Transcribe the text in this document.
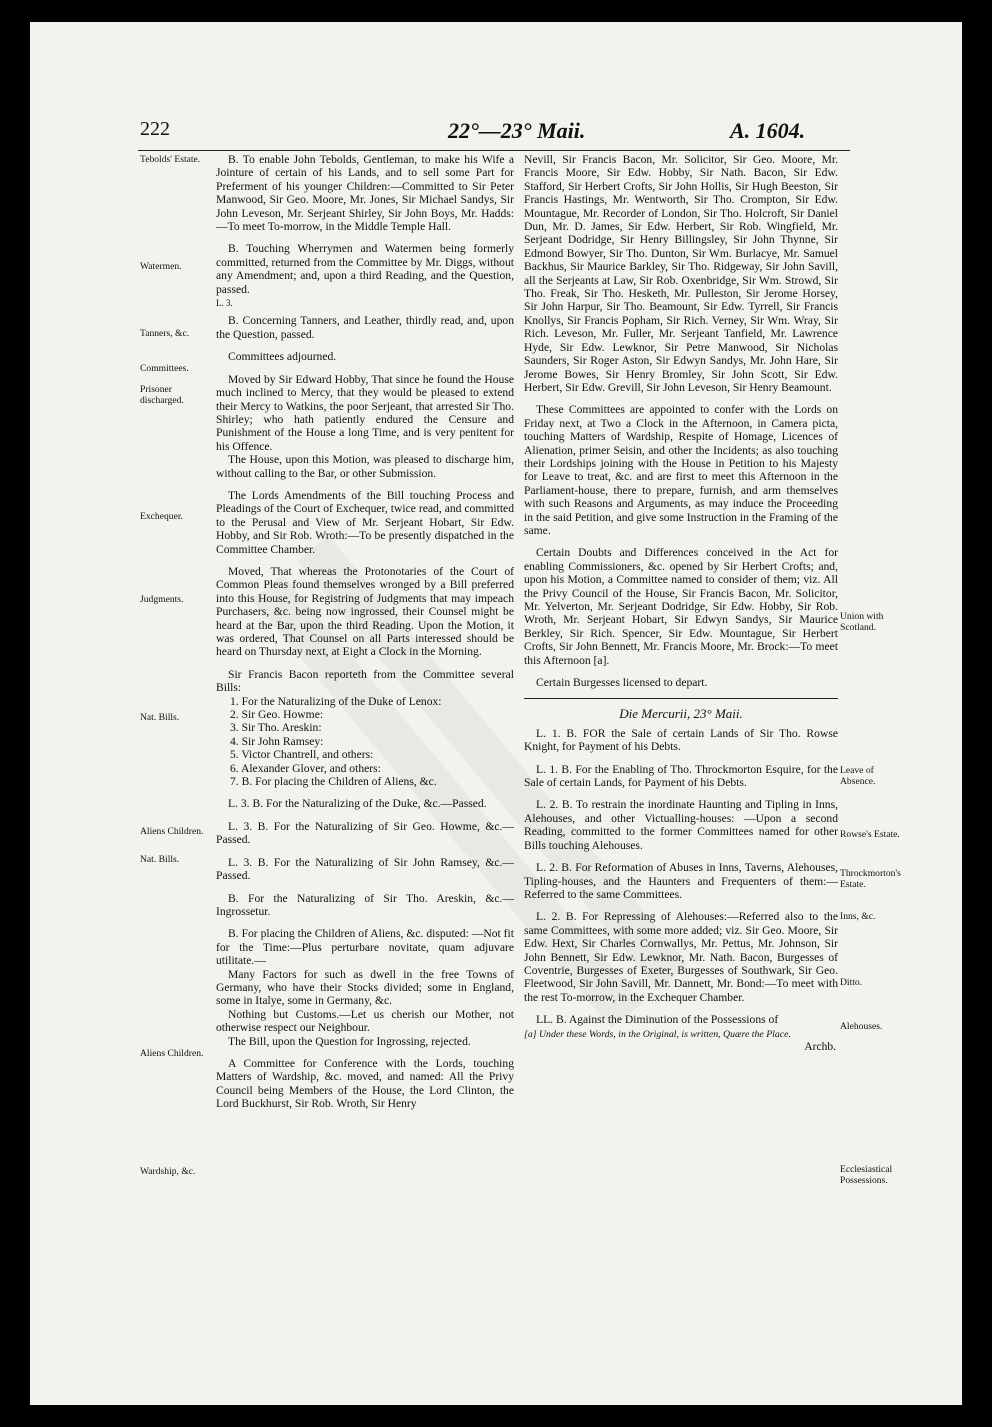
222	22°—23° Maii.	A. 1604.
Tebolds' Estate.
Watermen.
Tanners, &c.
Committees.
Prisoner discharged.
Exchequer.
Judgments.
Nat. Bills.
Aliens Children.
Nat. Bills.
Aliens Children.
Wardship, &c.
Union with Scotland.
Leave of Absence.
Rowse's Estate.
Throckmorton's Estate.
Inns, &c.
Ditto.
Alehouses.
Ecclesiastical Possessions.

B. To enable John Tebolds, Gentleman, to make his Wife a Jointure of certain of his Lands, and to sell some Part for Preferment of his younger Children:—Committed to Sir Peter Manwood, Sir Geo. Moore, Mr. Jones, Sir Michael Sandys, Sir John Leveson, Mr. Serjeant Shirley, Sir John Boys, Mr. Hadds:—To meet To-morrow, in the Middle Temple Hall.

B. Touching Wherrymen and Watermen being formerly committed, returned from the Committee by Mr. Diggs, without any Amendment; and, upon a third Reading, and the Question, passed.

L. 3.

B. Concerning Tanners, and Leather, thirdly read, and, upon the Question, passed.

Committees adjourned.

Moved by Sir Edward Hobby, That since he found the House much inclined to Mercy, that they would be pleased to extend their Mercy to Watkins, the poor Serjeant, that arrested Sir Tho. Shirley; who hath patiently endured the Censure and Punishment of the House a long Time, and is very penitent for his Offence.

The House, upon this Motion, was pleased to discharge him, without calling to the Bar, or other Submission.

The Lords Amendments of the Bill touching Process and Pleadings of the Court of Exchequer, twice read, and committed to the Perusal and View of Mr. Serjeant Hobart, Sir Edw. Hobby, and Sir Rob. Wroth:—To be presently dispatched in the Committee Chamber.

Moved, That whereas the Protonotaries of the Court of Common Pleas found themselves wronged by a Bill preferred into this House, for Registring of Judgments that may impeach Purchasers, &c. being now ingrossed, their Counsel might be heard at the Bar, upon the third Reading. Upon the Motion, it was ordered, That Counsel on all Parts interessed should be heard on Thursday next, at Eight a Clock in the Morning.

Sir Francis Bacon reporteth from the Committee several Bills:

1. For the Naturalizing of the Duke of Lenox:
2. Sir Geo. Howme:
3. Sir Tho. Areskin:
4. Sir John Ramsey:
5. Victor Chantrell, and others:
6. Alexander Glover, and others:
7. B. For placing the Children of Aliens, &c.

L. 3. B. For the Naturalizing of the Duke, &c.—Passed.

L. 3. B. For the Naturalizing of Sir Geo. Howme, &c.—Passed.

L. 3. B. For the Naturalizing of Sir John Ramsey, &c.—Passed.

B. For the Naturalizing of Sir Tho. Areskin, &c.—Ingrossetur.

B. For placing the Children of Aliens, &c. disputed: —Not fit for the Time:—Plus perturbare novitate, quam adjuvare utilitate.—

Many Factors for such as dwell in the free Towns of Germany, who have their Stocks divided; some in England, some in Italye, some in Germany, &c.

Nothing but Customs.—Let us cherish our Mother, not otherwise respect our Neighbour.

The Bill, upon the Question for Ingrossing, rejected.

A Committee for Conference with the Lords, touching Matters of Wardship, &c. moved, and named: All the Privy Council being Members of the House, the Lord Clinton, the Lord Buckhurst, Sir Rob. Wroth, Sir Henry

Nevill, Sir Francis Bacon, Mr. Solicitor, Sir Geo. Moore, Mr. Francis Moore, Sir Edw. Hobby, Sir Nath. Bacon, Sir Edw. Stafford, Sir Herbert Crofts, Sir John Hollis, Sir Hugh Beeston, Sir Francis Hastings, Mr. Wentworth, Sir Tho. Crompton, Sir Edw. Mountague, Mr. Recorder of London, Sir Tho. Holcroft, Sir Daniel Dun, Mr. D. James, Sir Edw. Herbert, Sir Rob. Wingfield, Mr. Serjeant Dodridge, Sir Henry Billingsley, Sir John Thynne, Sir Edmond Bowyer, Sir Tho. Dunton, Sir Wm. Burlacye, Mr. Samuel Backhus, Sir Maurice Barkley, Sir Tho. Ridgeway, Sir John Savill, all the Serjeants at Law, Sir Rob. Oxenbridge, Sir Wm. Strowd, Sir Tho. Freak, Sir Tho. Hesketh, Mr. Pulleston, Sir Jerome Horsey, Sir John Harpur, Sir Tho. Beamount, Sir Edw. Tyrrell, Sir Francis Knollys, Sir Francis Popham, Sir Rich. Verney, Sir Wm. Wray, Sir Rich. Leveson, Mr. Fuller, Mr. Serjeant Tanfield, Mr. Lawrence Hyde, Sir Edw. Lewknor, Sir Petre Manwood, Sir Nicholas Saunders, Sir Roger Aston, Sir Edwyn Sandys, Mr. John Hare, Sir Jerome Bowes, Sir Henry Bromley, Sir John Scott, Sir Edw. Herbert, Sir Edw. Grevill, Sir John Leveson, Sir Henry Beamount.

These Committees are appointed to confer with the Lords on Friday next, at Two a Clock in the Afternoon, in Camera picta, touching Matters of Wardship, Respite of Homage, Licences of Alienation, primer Seisin, and other the Incidents; as also touching their Lordships joining with the House in Petition to his Majesty for Leave to treat, &c. and are first to meet this Afternoon in the Parliament-house, there to prepare, furnish, and arm themselves with such Reasons and Arguments, as may induce the Proceeding in the said Petition, and give some Instruction in the Framing of the same.

Certain Doubts and Differences conceived in the Act for enabling Commissioners, &c. opened by Sir Herbert Crofts; and, upon his Motion, a Committee named to consider of them; viz. All the Privy Council of the House, Sir Francis Bacon, Mr. Solicitor, Mr. Yelverton, Mr. Serjeant Dodridge, Sir Edw. Hobby, Sir Rob. Wroth, Mr. Serjeant Hobart, Sir Edwyn Sandys, Sir Maurice Berkley, Sir Rich. Spencer, Sir Edw. Mountague, Sir Herbert Crofts, Sir John Bennett, Mr. Francis Moore, Mr. Brock:—To meet this Afternoon [a].

Certain Burgesses licensed to depart.

Die Mercurii, 23° Maii.

L. 1. B. FOR the Sale of certain Lands of Sir Tho. Rowse Knight, for Payment of his Debts.

L. 1. B. For the Enabling of Tho. Throckmorton Esquire, for the Sale of certain Lands, for Payment of his Debts.

L. 2. B. To restrain the inordinate Haunting and Tipling in Inns, Alehouses, and other Victualling-houses: —Upon a second Reading, committed to the former Committees named for other Bills touching Alehouses.

L. 2. B. For Reformation of Abuses in Inns, Taverns, Alehouses, Tipling-houses, and the Haunters and Frequenters of them:—Referred to the same Committees.

L. 2. B. For Repressing of Alehouses:—Referred also to the same Committees, with some more added; viz. Sir Geo. Moore, Sir Edw. Hext, Sir Charles Cornwallys, Mr. Pettus, Mr. Johnson, Sir John Bennett, Sir Edw. Lewknor, Mr. Nath. Bacon, Burgesses of Coventrie, Burgesses of Exeter, Burgesses of Southwark, Sir Geo. Fleetwood, Sir John Savill, Mr. Dannett, Mr. Bond:—To meet with the rest To-morrow, in the Exchequer Chamber.

LL. B. Against the Diminution of the Possessions of

[a] Under these Words, in the Original, is written, Quære the Place.
Archb.
